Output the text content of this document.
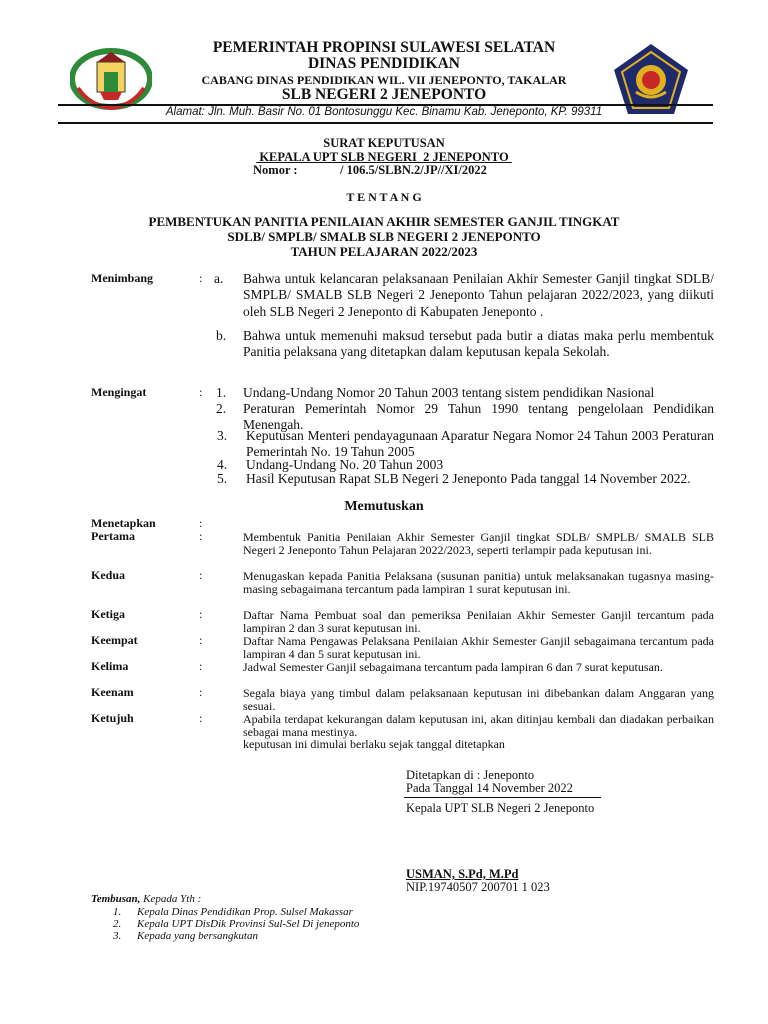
PEMERINTAH PROPINSI SULAWESI SELATAN
DINAS PENDIDIKAN
CABANG DINAS PENDIDIKAN WIL. VII JENEPONTO, TAKALAR
SLB NEGERI 2 JENEPONTO
Alamat: Jln. Muh. Basir No. 01 Bontosunggu Kec. Binamu Kab. Jeneponto, KP. 99311
SURAT KEPUTUSAN
KEPALA UPT SLB NEGERI  2 JENEPONTO
Nomor :	/ 106.5/SLBN.2/JP//XI/2022
T E N T A N G
PEMBENTUKAN PANITIA PENILAIAN AKHIR SEMESTER GANJIL TINGKAT
SDLB/ SMPLB/ SMALB SLB NEGERI 2 JENEPONTO
TAHUN PELAJARAN 2022/2023
Menimbang	: a. Bahwa untuk kelancaran pelaksanaan Penilaian Akhir Semester Ganjil tingkat SDLB/ SMPLB/ SMALB SLB Negeri 2 Jeneponto Tahun pelajaran 2022/2023, yang diikuti oleh SLB Negeri 2 Jeneponto di Kabupaten Jeneponto .
b. Bahwa untuk memenuhi maksud tersebut pada butir a diatas maka perlu membentuk Panitia pelaksana yang ditetapkan dalam keputusan kepala Sekolah.
Mengingat	: 1. Undang-Undang Nomor 20 Tahun 2003 tentang sistem pendidikan Nasional
2. Peraturan Pemerintah Nomor 29 Tahun 1990 tentang pengelolaan Pendidikan Menengah.
3. Keputusan Menteri pendayagunaan Aparatur Negara Nomor 24 Tahun 2003 Peraturan Pemerintah No. 19 Tahun 2005
4. Undang-Undang No. 20 Tahun 2003
5. Hasil Keputusan Rapat SLB Negeri 2 Jeneponto Pada tanggal 14 November 2022.
Memutuskan
Menetapkan	:
Pertama	:	Membentuk Panitia Penilaian Akhir Semester Ganjil tingkat SDLB/ SMPLB/ SMALB SLB Negeri 2 Jeneponto Tahun Pelajaran 2022/2023, seperti terlampir pada keputusan ini.
Kedua	:	Menugaskan kepada Panitia Pelaksana (susunan panitia) untuk melaksanakan tugasnya masing-masing sebagaimana tercantum pada lampiran 1 surat keputusan ini.
Ketiga	:	Daftar Nama Pembuat soal dan pemeriksa Penilaian Akhir Semester Ganjil tercantum pada lampiran 2 dan 3 surat keputusan ini.
Keempat	:	Daftar Nama Pengawas Pelaksana Penilaian Akhir Semester Ganjil sebagaimana tercantum pada lampiran 4 dan 5 surat keputusan ini.
Kelima	:	Jadwal Semester Ganjil sebagaimana tercantum pada lampiran 6 dan 7 surat keputusan.
Keenam	:	Segala biaya yang timbul dalam pelaksanaan keputusan ini dibebankan dalam Anggaran yang sesuai.
Ketujuh	:	Apabila terdapat kekurangan dalam keputusan ini, akan ditinjau kembali dan diadakan perbaikan sebagai mana mestinya.
keputusan ini dimulai berlaku sejak tanggal ditetapkan
Ditetapkan di : Jeneponto
Pada Tanggal 14 November 2022
Kepala UPT SLB Negeri 2 Jeneponto
USMAN, S.Pd, M.Pd
NIP.19740507 200701 1 023
Tembusan, Kepada Yth :
1. Kepala Dinas Pendidikan Prop. Sulsel Makassar
2. Kepala UPT DisDik Provinsi Sul-Sel Di jeneponto
3. Kepada yang bersangkutan
